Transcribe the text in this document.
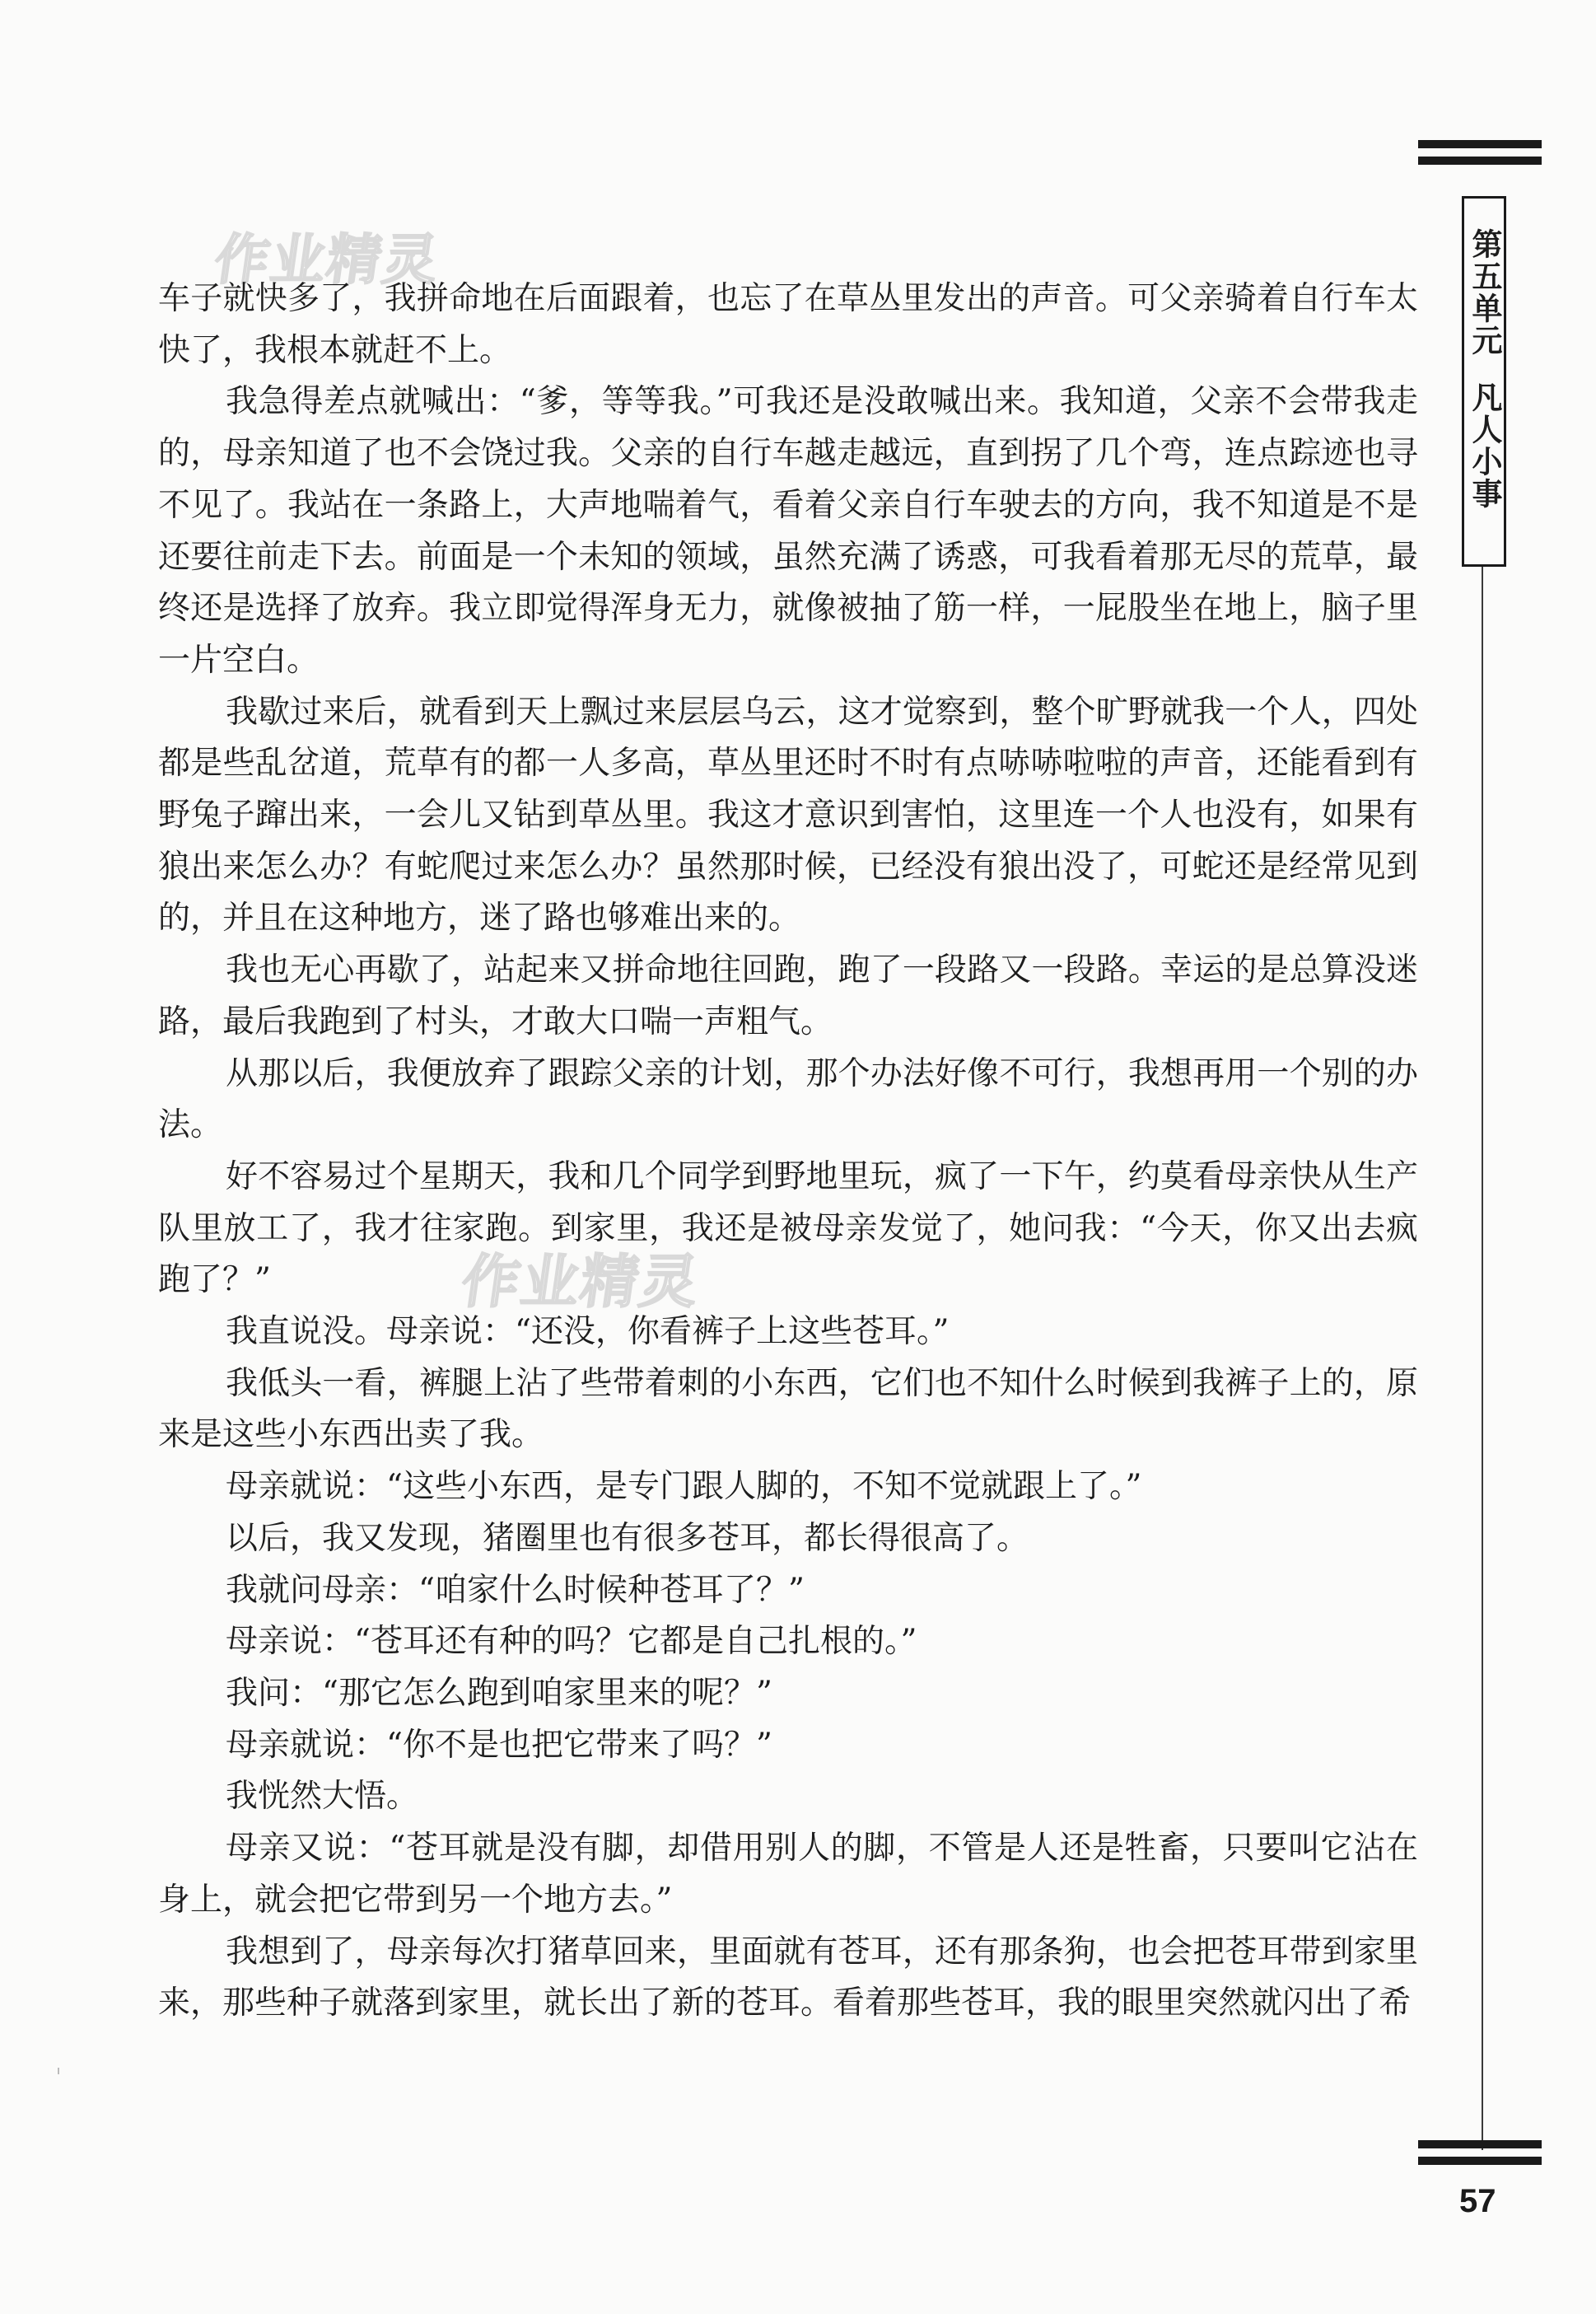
作业精灵
作业精灵
第五单元凡人小事

车子就快多了，我拼命地在后面跟着，也忘了在草丛里发出的声音。可父亲骑着自行车太快了，我根本就赶不上。

我急得差点就喊出：“爹，等等我。”可我还是没敢喊出来。我知道，父亲不会带我走的，母亲知道了也不会饶过我。父亲的自行车越走越远，直到拐了几个弯，连点踪迹也寻不见了。我站在一条路上，大声地喘着气，看着父亲自行车驶去的方向，我不知道是不是还要往前走下去。前面是一个未知的领域，虽然充满了诱惑，可我看着那无尽的荒草，最终还是选择了放弃。我立即觉得浑身无力，就像被抽了筋一样，一屁股坐在地上，脑子里一片空白。

我歇过来后，就看到天上飘过来层层乌云，这才觉察到，整个旷野就我一个人，四处都是些乱岔道，荒草有的都一人多高，草丛里还时不时有点哧哧啦啦的声音，还能看到有野兔子蹿出来，一会儿又钻到草丛里。我这才意识到害怕，这里连一个人也没有，如果有狼出来怎么办？有蛇爬过来怎么办？虽然那时候，已经没有狼出没了，可蛇还是经常见到的，并且在这种地方，迷了路也够难出来的。

我也无心再歇了，站起来又拼命地往回跑，跑了一段路又一段路。幸运的是总算没迷路，最后我跑到了村头，才敢大口喘一声粗气。

从那以后，我便放弃了跟踪父亲的计划，那个办法好像不可行，我想再用一个别的办法。

好不容易过个星期天，我和几个同学到野地里玩，疯了一下午，约莫看母亲快从生产队里放工了，我才往家跑。到家里，我还是被母亲发觉了，她问我：“今天，你又出去疯跑了？”

我直说没。母亲说：“还没，你看裤子上这些苍耳。”

我低头一看，裤腿上沾了些带着刺的小东西，它们也不知什么时候到我裤子上的，原来是这些小东西出卖了我。

母亲就说：“这些小东西，是专门跟人脚的，不知不觉就跟上了。”

以后，我又发现，猪圈里也有很多苍耳，都长得很高了。

我就问母亲：“咱家什么时候种苍耳了？”

母亲说：“苍耳还有种的吗？它都是自己扎根的。”

我问：“那它怎么跑到咱家里来的呢？”

母亲就说：“你不是也把它带来了吗？”

我恍然大悟。

母亲又说：“苍耳就是没有脚，却借用别人的脚，不管是人还是牲畜，只要叫它沾在身上，就会把它带到另一个地方去。”

我想到了，母亲每次打猪草回来，里面就有苍耳，还有那条狗，也会把苍耳带到家里来，那些种子就落到家里，就长出了新的苍耳。看着那些苍耳，我的眼里突然就闪出了希

57
